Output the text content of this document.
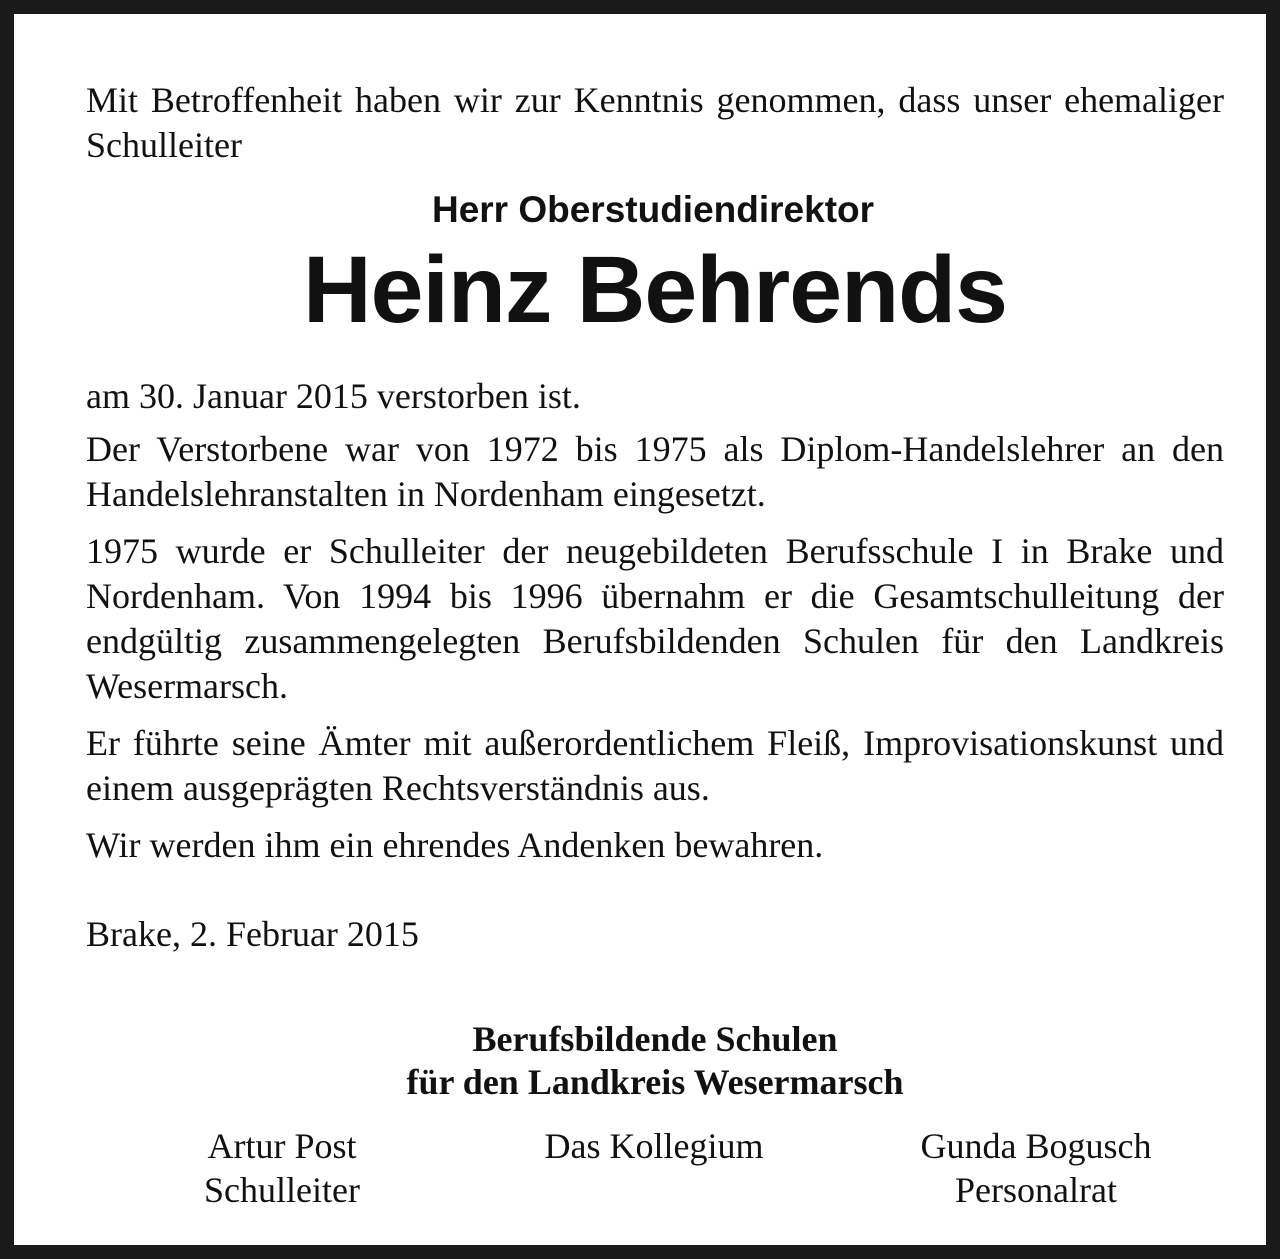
Mit Betroffenheit haben wir zur Kenntnis genommen, dass unser ehemaliger Schulleiter

Herr Oberstudiendirektor

Heinz Behrends

am 30. Januar 2015 verstorben ist.

Der Verstorbene war von 1972 bis 1975 als Diplom-Handelslehrer an den Handelslehranstalten in Nordenham eingesetzt.

1975 wurde er Schulleiter der neugebildeten Berufsschule I in Brake und Nordenham. Von 1994 bis 1996 übernahm er die Gesamtschulleitung der endgültig zusammengelegten Berufsbildenden Schulen für den Landkreis Wesermarsch.

Er führte seine Ämter mit außerordentlichem Fleiß, Improvisationskunst und einem ausgeprägten Rechtsverständnis aus.

Wir werden ihm ein ehrendes Andenken bewahren.

Brake, 2. Februar 2015

Berufsbildende Schulen
für den Landkreis Wesermarsch
Artur Post
Schulleiter
Das Kollegium	Gunda Bogusch
Personalrat
